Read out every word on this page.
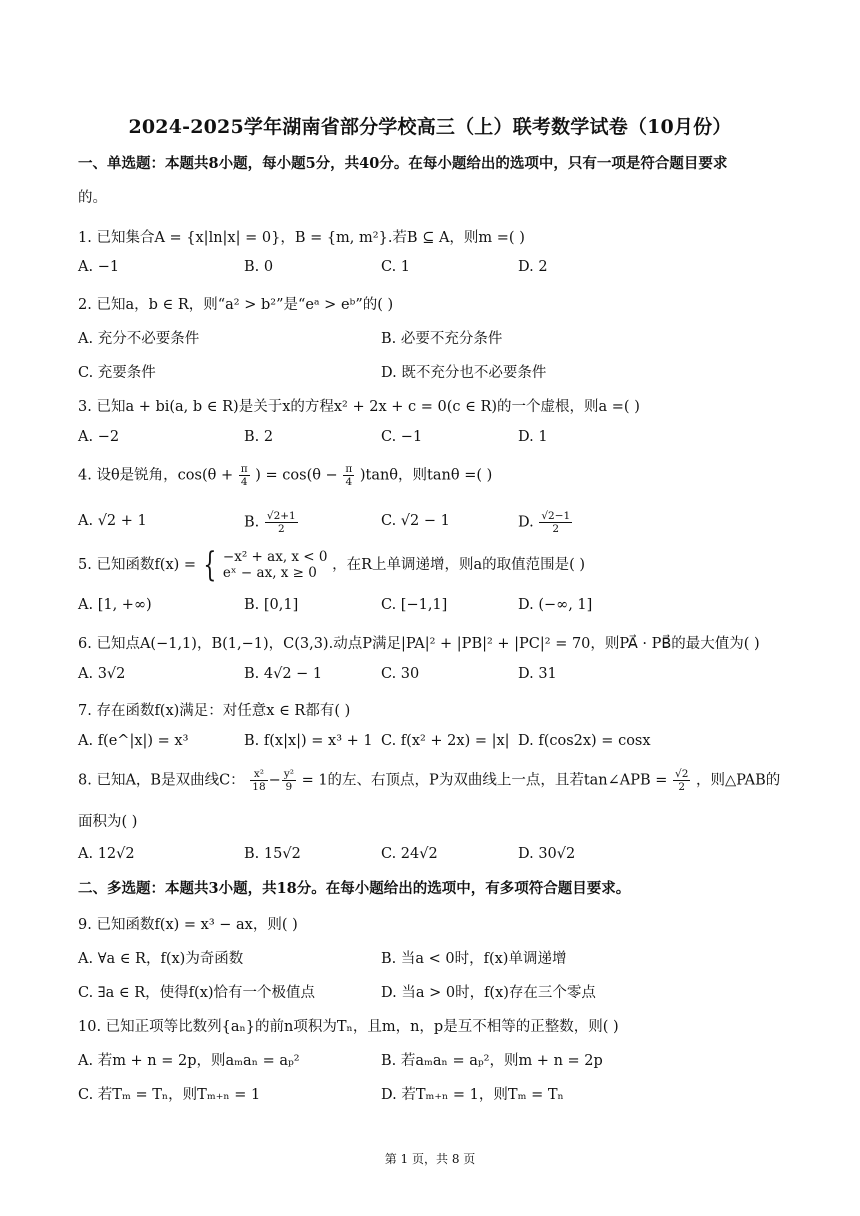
2024-2025学年湖南省部分学校高三（上）联考数学试卷（10月份）
一、单选题：本题共8小题，每小题5分，共40分。在每小题给出的选项中，只有一项是符合题目要求
的。
1. 已知集合A = {x|ln|x| = 0}，B = {m, m²}.若B ⊆ A，则m =( )
A. −1	B. 0	C. 1	D. 2
2. 已知a，b ∈ R，则“a² > b²”是“eᵃ > eᵇ”的( )
A. 充分不必要条件	B. 必要不充分条件
C. 充要条件	D. 既不充分也不必要条件
3. 已知a + bi(a, b ∈ R)是关于x的方程x² + 2x + c = 0(c ∈ R)的一个虚根，则a =( )
A. −2	B. 2	C. −1	D. 1
4. 设θ是锐角，$\cos(\theta + \frac{\pi}{4}$ ) = $\cos(\theta - \frac{\pi}{4} )\tan\theta$，则tanθ =( )
A. √2 + 1	B. $\frac{√2+1}{2}$	C. √2 − 1	D. $\frac{√2-1}{2}$
5. 已知函数f(x) = { −x² + ax, x < 0
eˣ − ax, x ≥ 0	，在R上单调递增，则a的取值范围是( )
A. [1, +∞)	B. [0,1]	C. [−1,1]	D. (−∞, 1]
6. 已知点A(−1,1)，B(1,−1)，C(3,3).动点P满足|PA|² + |PB|² + |PC|² = 70，则PA⃗ · PB⃗的最大值为( )
A. 3√2	B. 4√2 − 1	C. 30	D. 31
7. 存在函数f(x)满足：对任意x ∈ R都有( )
A. f(e^|x|) = x³	B. f(x|x|) = x³ + 1 C. f(x² + 2x) = |x| D. f(cos2x) = cosx
8. 已知A，B是双曲线C： $\frac{\text{x²}}{18} - \frac{\text{y²}}{9} = 1$的左、右顶点，P为双曲线上一点，且若tan∠APB = $\frac{√2}{2}$ ，则△PAB的
面积为( )
A. 12√2	B. 15√2	C. 24√2	D. 30√2
二、多选题：本题共3小题，共18分。在每小题给出的选项中，有多项符合题目要求。
9. 已知函数f(x) = x³ − ax，则( )
A. ∀a ∈ R，f(x)为奇函数	B. 当a < 0时，f(x)单调递增
C. ∃a ∈ R，使得f(x)恰有一个极值点	D. 当a > 0时，f(x)存在三个零点
10. 已知正项等比数列{aₙ}的前n项积为Tₙ，且m，n，p是互不相等的正整数，则( )
A. 若m + n = 2p，则aₘaₙ = aₚ²	B. 若aₘaₙ = aₚ²，则m + n = 2p
C. 若Tₘ = Tₙ，则Tₘ₊ₙ = 1	D. 若Tₘ₊ₙ = 1，则Tₘ = Tₙ
第 1 页，共 8 页
